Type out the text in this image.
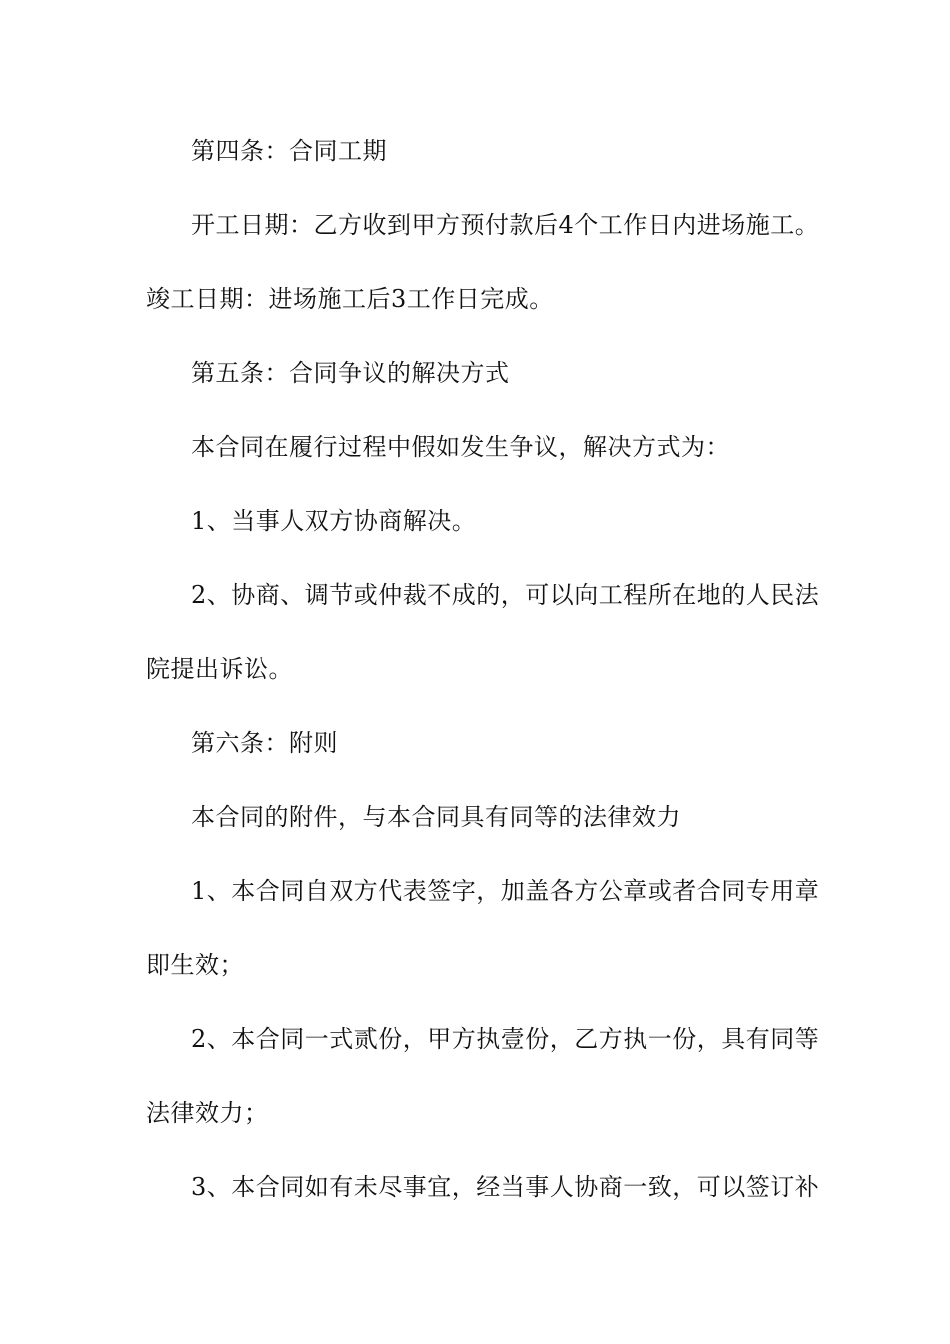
第四条：合同工期
开工日期：乙方收到甲方预付款后4个工作日内进场施工。
竣工日期：进场施工后3工作日完成。
第五条：合同争议的解决方式
本合同在履行过程中假如发生争议，解决方式为：
1、当事人双方协商解决。
2、协商、调节或仲裁不成的，可以向工程所在地的人民法
院提出诉讼。
第六条：附则
本合同的附件，与本合同具有同等的法律效力
1、本合同自双方代表签字，加盖各方公章或者合同专用章
即生效；
2、本合同一式贰份，甲方执壹份，乙方执一份，具有同等
法律效力；
3、本合同如有未尽事宜，经当事人协商一致，可以签订补
